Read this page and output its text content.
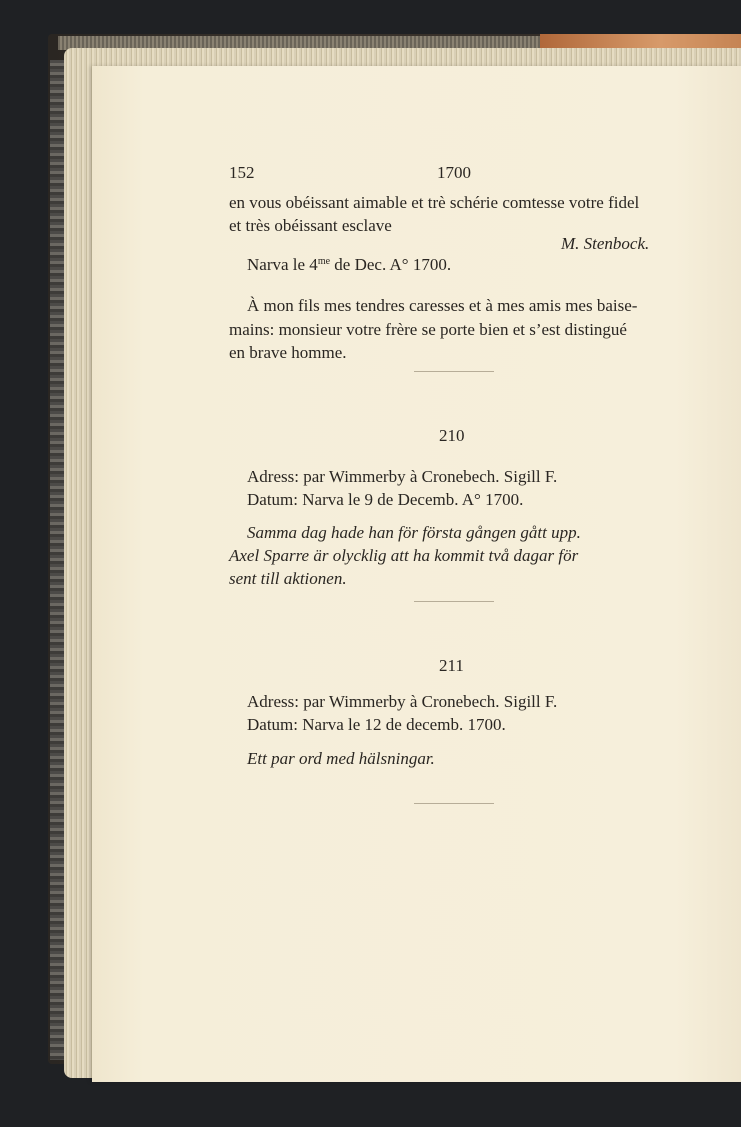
152	1700
en vous obéissant aimable et trè schérie comtesse votre fidel
et très obéissant esclave
M. Stenbock.
Narva le $4^{me}$ de Dec. A° 1700.
À mon fils mes tendres caresses et à mes amis mes baise-
mains: monsieur votre frère se porte bien et s’est distingué
en brave homme.
210
Adress: par Wimmerby à Cronebech. Sigill F.
Datum: Narva le 9 de Decemb. A° 1700.
Samma dag hade han för första gången gått upp.
Axel Sparre är olycklig att ha kommit två dagar för
sent till aktionen.
211
Adress: par Wimmerby à Cronebech. Sigill F.
Datum: Narva le 12 de decemb. 1700.
Ett par ord med hälsningar.
